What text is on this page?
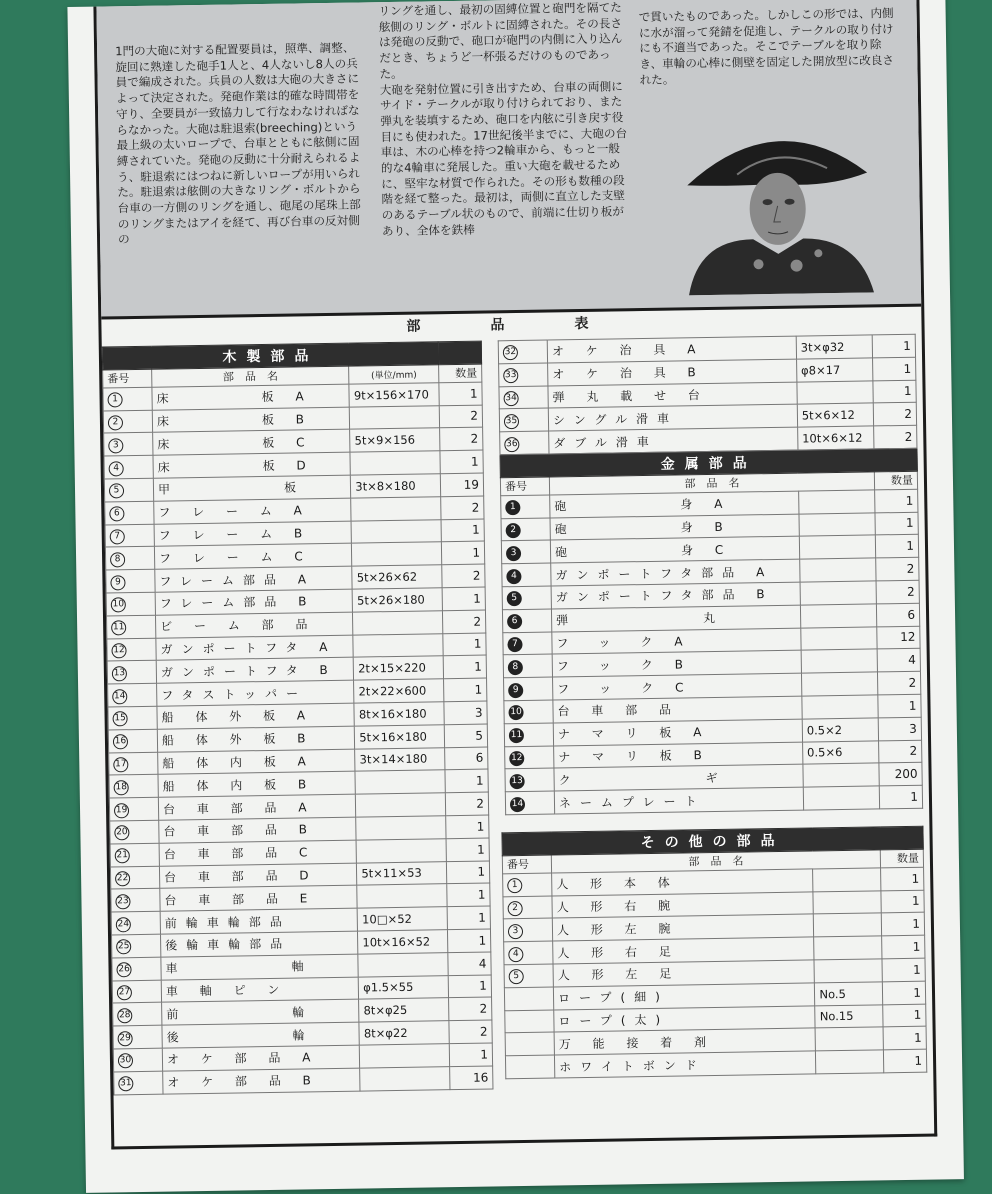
1門の大砲に対する配置要員は，照準、調整、旋回に熟達した砲手1人と、4人ないし8人の兵員で編成された。兵員の人数は大砲の大きさによって決定された。発砲作業は的確な時間帯を守り、全要員が一致協力して行なわなければならなかった。大砲は駐退索(breeching)という最上級の太いロープで、台車とともに舷側に固縛されていた。発砲の反動に十分耐えられるよう、駐退索にはつねに新しいロープが用いられた。駐退索は舷側の大きなリング・ボルトから台車の一方側のリングを通し、砲尾の尾珠上部のリングまたはアイを経て、再び台車の反対側の

リングを通し、最初の固縛位置と砲門を隔てた舷側のリング・ボルトに固縛された。その長さは発砲の反動で、砲口が砲門の内側に入り込んだとき、ちょうど一杯張るだけのものであった。
大砲を発射位置に引き出すため、台車の両側にサイド・テークルが取り付けられており、また弾丸を装填するため、砲口を内舷に引き戻す役目にも使われた。17世紀後半までに、大砲の台車は、木の心棒を持つ2輪車から、もっと一般的な4輪車に発展した。重い大砲を載せるために、堅牢な材質で作られた。その形も数種の段階を経て整った。最初は，両側に直立した支壁のあるテーブル状のもので、前端に仕切り板があり、全体を鉄棒

で貫いたものであった。しかしこの形では、内側に水が溜って発錆を促進し、テークルの取り付けにも不適当であった。そこでテーブルを取り除き、車輪の心棒に側壁を固定した開放型に改良された。

部　品　表
木製部品			
番号	部　品　名	(単位/mm)	数量
1	床　　　　板 A	9t×156×170	1
2	床　　　　板 B		2
3	床　　　　板 C	5t×9×156	2
4	床　　　　板 D		1
5	甲　　　　　板	3t×8×180	19
6	フ レ ー ム A		2
7	フ レ ー ム B		1
8	フ レ ー ム C		1
9	フレーム部品 A	5t×26×62	2
10	フレーム部品 B	5t×26×180	1
11	ビ ー ム 部 品		2
12	ガンポートフタ A		1
13	ガンポートフタ B	2t×15×220	1
14	フタストッパー	2t×22×600	1
15	船 体 外 板 A	8t×16×180	3
16	船 体 外 板 B	5t×16×180	5
17	船 体 内 板 A	3t×14×180	6
18	船 体 内 板 B		1
19	台 車 部 品 A		2
20	台 車 部 品 B		1
21	台 車 部 品 C		1
22	台 車 部 品 D	5t×11×53	1
23	台 車 部 品 E		1
24	前輪車輪部品	10□×52	1
25	後輪車輪部品	10t×16×52	1
26	車　　　　　軸		4
27	車 軸 ピ ン	φ1.5×55	1
28	前　　　　　輪	8t×φ25	2
29	後　　　　　輪	8t×φ22	2
30	オ ケ 部 品 A		1
31	オ ケ 部 品 B		16
32	オ ケ 治 具 A	3t×φ32	1
33	オ ケ 治 具 B	φ8×17	1
34	弾 丸 載 せ 台		1
35	シングル滑車	5t×6×12	2
36	ダブル滑車	10t×6×12	2
金属部品			
番号	部　品　名		数量
1	砲　　　　　身 A		1
2	砲　　　　　身 B		1
3	砲　　　　　身 C		1
4	ガンポートフタ部品 A		2
5	ガンポートフタ部品 B		2
6	弾　　　　　　丸		6
7	フ　ッ　ク A		12
8	フ　ッ　ク B		4
9	フ　ッ　ク C		2
10	台 車 部 品		1
11	ナ マ リ 板 A	0.5×2	3
12	ナ マ リ 板 B	0.5×6	2
13	ク　　　　　　ギ		200
14	ネームプレート		1
その他の部品			
番号	部　品　名		数量
1	人 形 本 体		1
2	人 形 右 腕		1
3	人 形 左 腕		1
4	人 形 右 足		1
5	人 形 左 足		1
	ロープ(細)	No.5	1
	ロープ(太)	No.15	1
	万 能 接 着 剤		1
	ホワイトボンド		1
